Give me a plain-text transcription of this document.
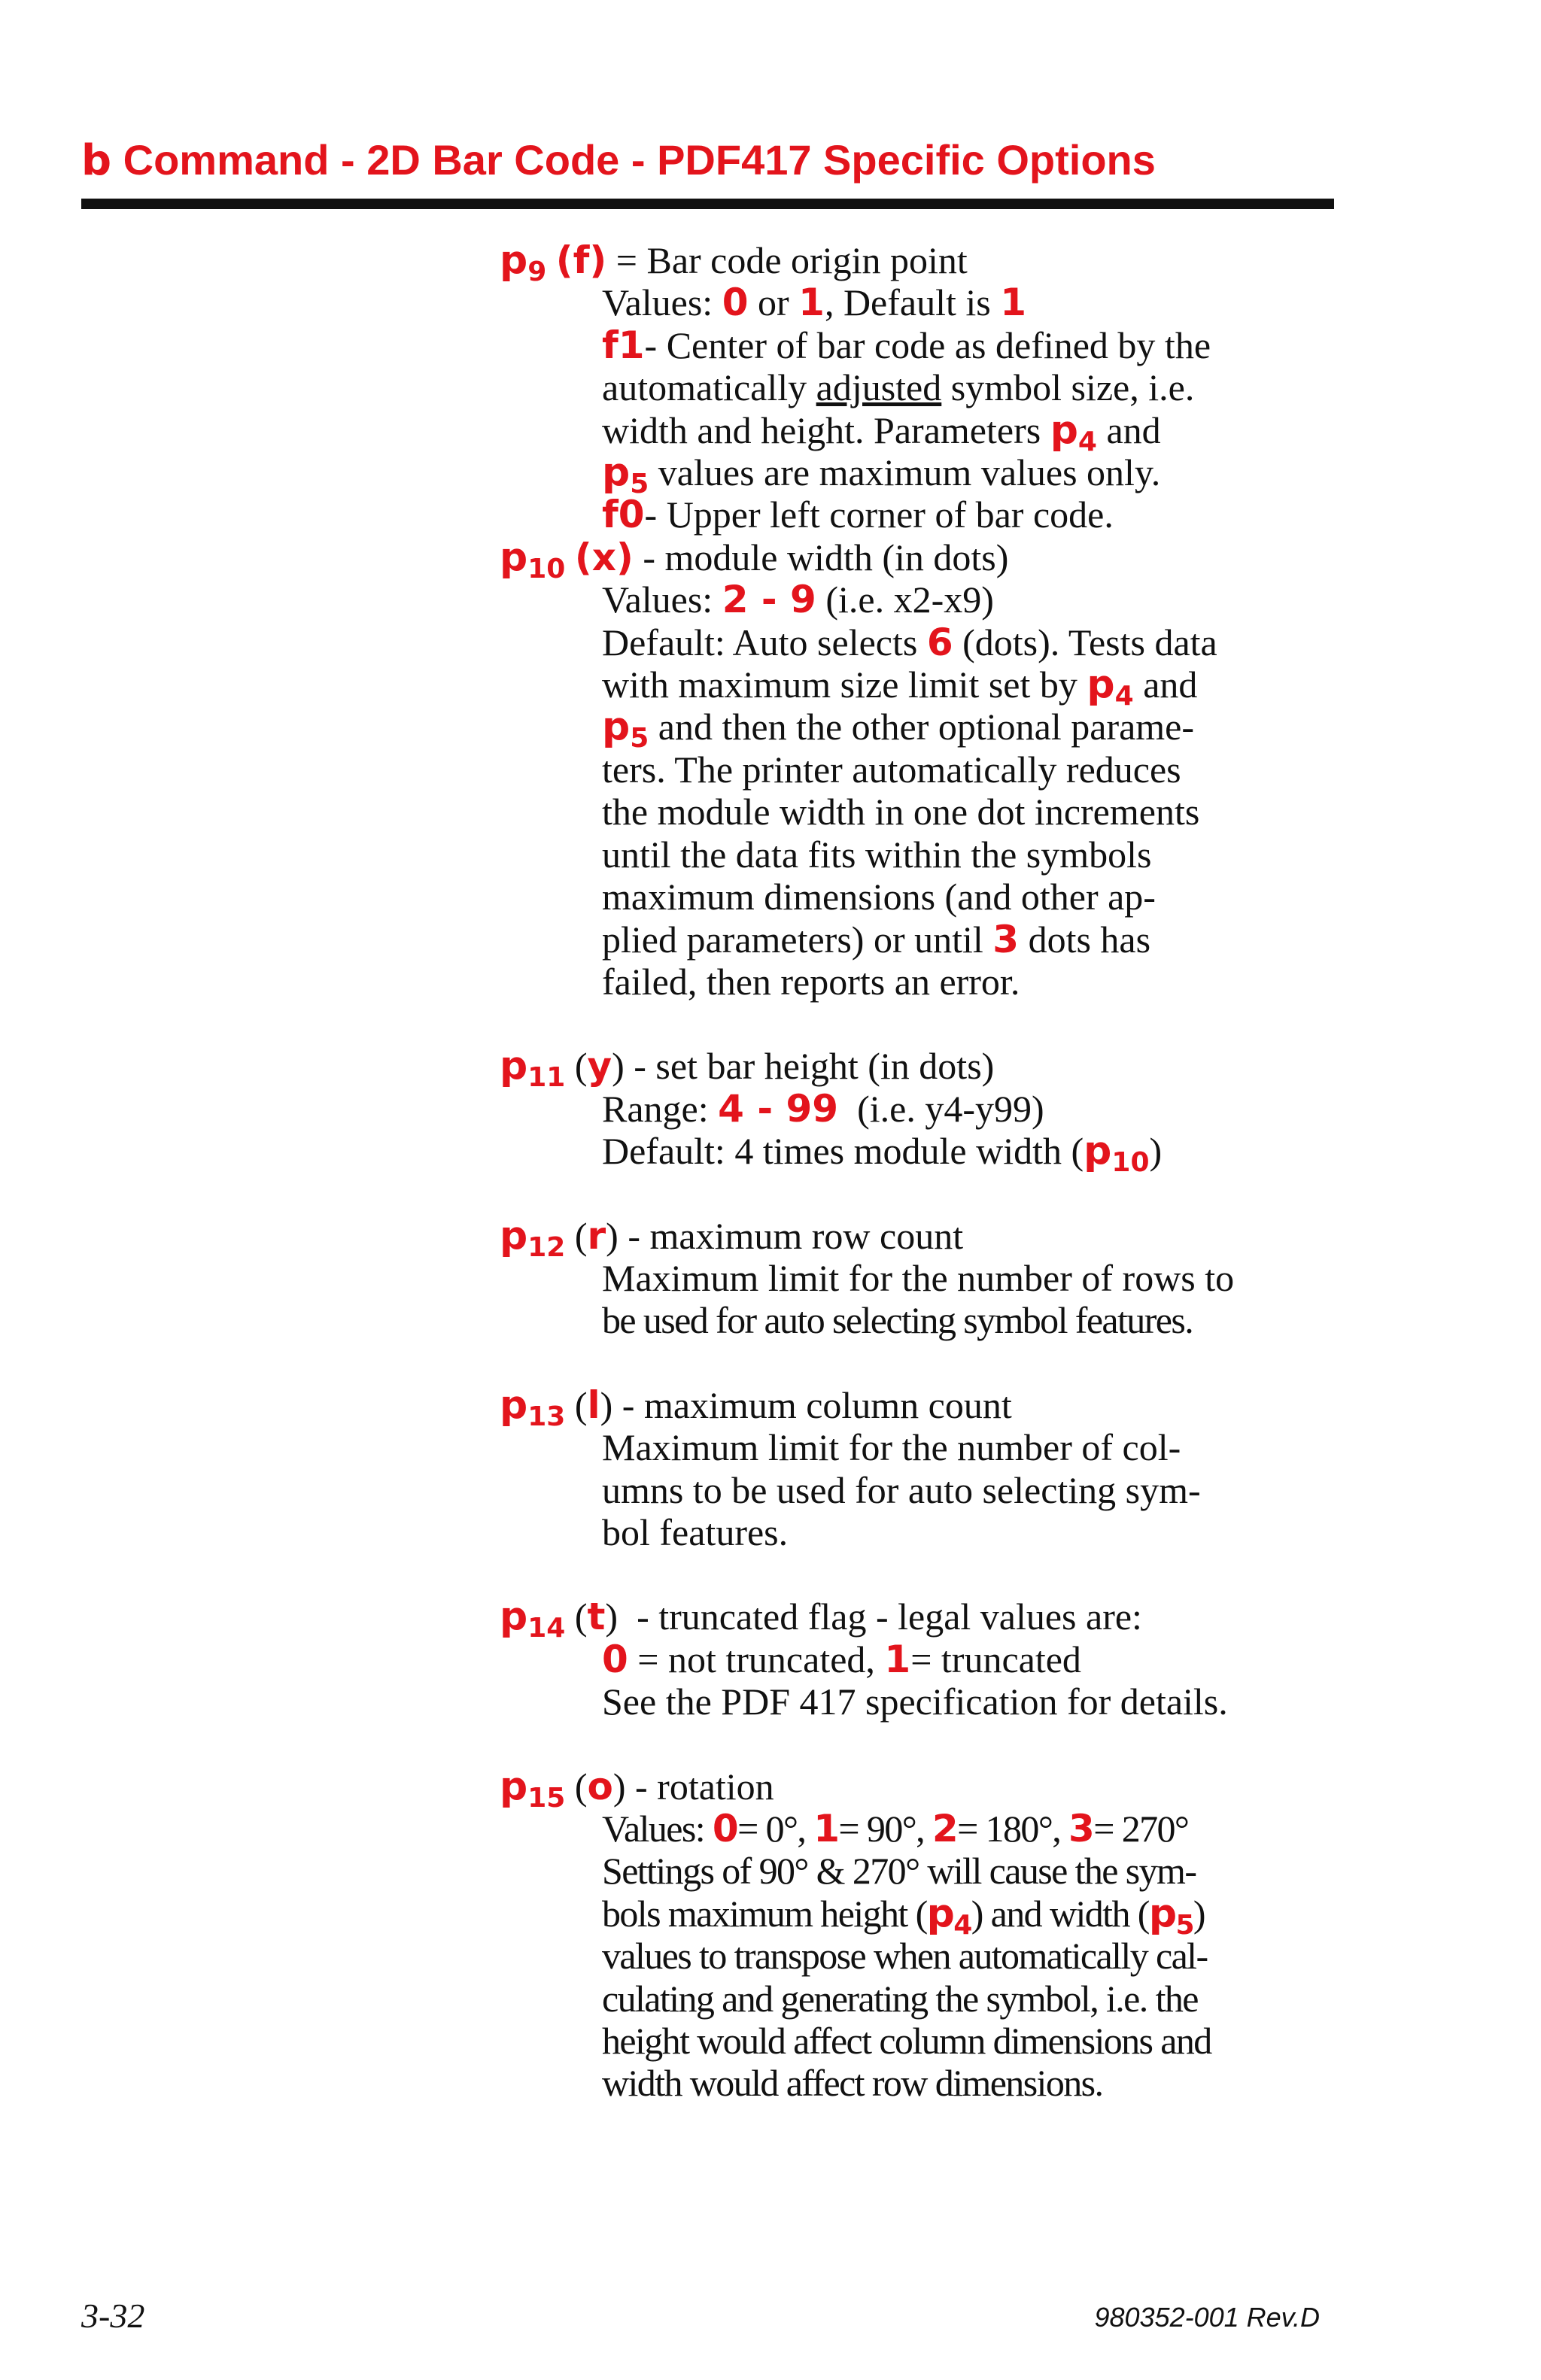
b Command - 2D Bar Code - PDF417 Specific Options
$p_9$ (f) = Bar code origin point
Values: 0 or 1, Default is 1
f1- Center of bar code as defined by the
automatically adjusted symbol size, i.e.
width and height. Parameters $p_4$ and
$p_5$ values are maximum values only.
f0- Upper left corner of bar code.
$p_{10}$ (x) - module width (in dots)
Values: 2 - 9 (i.e. x2-x9)
Default: Auto selects 6 (dots). Tests data
with maximum size limit set by $p_4$ and
$p_5$ and then the other optional parame-
ters. The printer automatically reduces
the module width in one dot increments
until the data fits within the symbols
maximum dimensions (and other ap-
plied parameters) or until 3 dots has
failed, then reports an error.
$p_{11}$ (y) - set bar height (in dots)
Range: 4 - 99 (i.e. y4-y99)
Default: 4 times module width $(p_{10})$
$p_{12}$ (r) - maximum row count
Maximum limit for the number of rows to
be used for auto selecting symbol features.
$p_{13}$ (l) - maximum column count
Maximum limit for the number of col-
umns to be used for auto selecting sym-
bol features.
$p_{14}$ (t)  - truncated flag - legal values are:
0 = not truncated, 1= truncated
See the PDF 417 specification for details.
$p_{15}$ (o) - rotation
Values: 0= 0°, 1= 90°, 2= 180°, 3= 270°
Settings of 90° & 270° will cause the sym-
bols maximum height $(p_4)$ and width $(p_5)$
values to transpose when automatically cal-
culating and generating the symbol, i.e. the
height would affect column dimensions and
width would affect row dimensions.
3-32	980352-001 Rev.D
